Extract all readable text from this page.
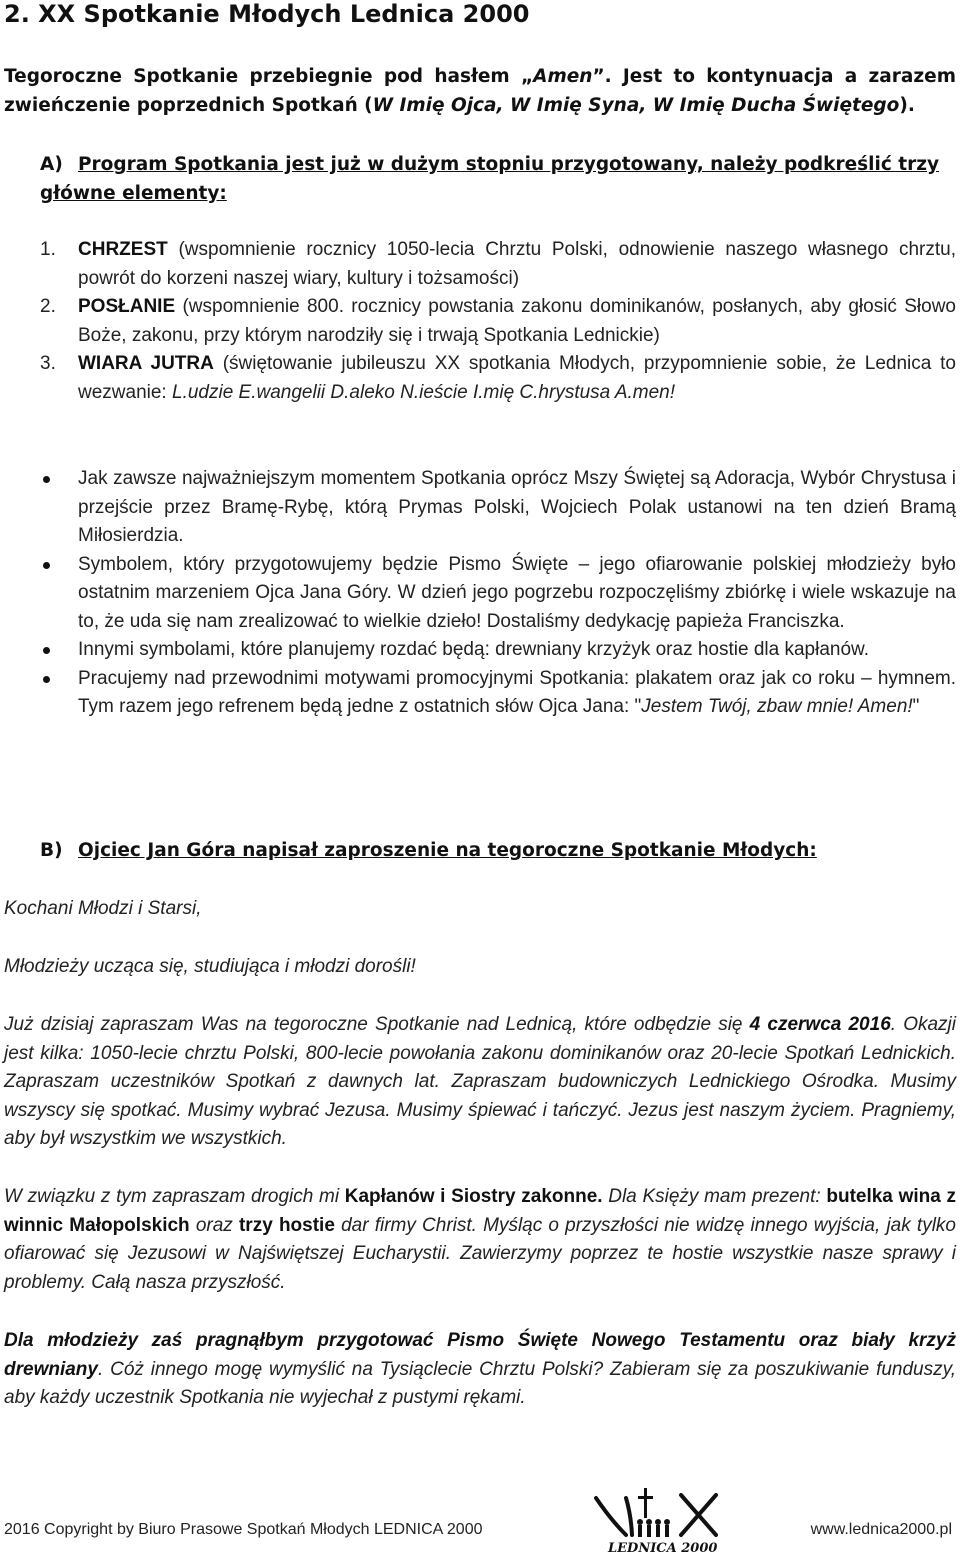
2. XX Spotkanie Młodych Lednica 2000
Tegoroczne Spotkanie przebiegnie pod hasłem „Amen”. Jest to kontynuacja a zarazem zwieńczenie poprzednich Spotkań (W Imię Ojca, W Imię Syna, W Imię Ducha Świętego).
A) Program Spotkania jest już w dużym stopniu przygotowany, należy podkreślić trzy główne elementy:
1. CHRZEST (wspomnienie rocznicy 1050-lecia Chrztu Polski, odnowienie naszego własnego chrztu, powrót do korzeni naszej wiary, kultury i tożsamości)
2. POSŁANIE (wspomnienie 800. rocznicy powstania zakonu dominikanów, posłanych, aby głosić Słowo Boże, zakonu, przy którym narodziły się i trwają Spotkania Lednickie)
3. WIARA JUTRA (świętowanie jubileuszu XX spotkania Młodych, przypomnienie sobie, że Lednica to wezwanie: L.udzie E.wangelii D.aleko N.ieście I.mię C.hrystusa A.men!
Jak zawsze najważniejszym momentem Spotkania oprócz Mszy Świętej są Adoracja, Wybór Chrystusa i przejście przez Bramę-Rybę, którą Prymas Polski, Wojciech Polak ustanowi na ten dzień Bramą Miłosierdzia.
Symbolem, który przygotowujemy będzie Pismo Święte – jego ofiarowanie polskiej młodzieży było ostatnim marzeniem Ojca Jana Góry. W dzień jego pogrzebu rozpoczęliśmy zbiórkę i wiele wskazuje na to, że uda się nam zrealizować to wielkie dzieło! Dostaliśmy dedykację papieża Franciszka.
Innymi symbolami, które planujemy rozdać będą: drewniany krzyżyk oraz hostie dla kapłanów.
Pracujemy nad przewodnimi motywami promocyjnymi Spotkania: plakatem oraz jak co roku – hymnem. Tym razem jego refrenem będą jedne z ostatnich słów Ojca Jana: "Jestem Twój, zbaw mnie! Amen!"
B) Ojciec Jan Góra napisał zaproszenie na tegoroczne Spotkanie Młodych:
Kochani Młodzi i Starsi,
Młodzieży ucząca się, studiująca i młodzi dorośli!
Już dzisiaj zapraszam Was na tegoroczne Spotkanie nad Lednicą, które odbędzie się 4 czerwca 2016. Okazji jest kilka: 1050-lecie chrztu Polski, 800-lecie powołania zakonu dominikanów oraz 20-lecie Spotkań Lednickich. Zapraszam uczestników Spotkań z dawnych lat. Zapraszam budowniczych Lednickiego Ośrodka. Musimy wszyscy się spotkać. Musimy wybrać Jezusa. Musimy śpiewać i tańczyć. Jezus jest naszym życiem. Pragniemy, aby był wszystkim we wszystkich.
W związku z tym zapraszam drogich mi Kapłanów i Siostry zakonne. Dla Księży mam prezent: butelka wina z winnic Małopolskich oraz trzy hostie dar firmy Christ. Myśląc o przyszłości nie widzę innego wyjścia, jak tylko ofiarować się Jezusowi w Najświętszej Eucharystii. Zawierzymy poprzez te hostie wszystkie nasze sprawy i problemy. Całą nasza przyszłość.
Dla młodzieży zaś pragnąłbym przygotować Pismo Święte Nowego Testamentu oraz biały krzyż drewniany. Cóż innego mogę wymyślić na Tysiąclecie Chrztu Polski? Zabieram się za poszukiwanie funduszy, aby każdy uczestnik Spotkania nie wyjechał z pustymi rękami.
LEDNICA 2000
2016 Copyright by Biuro Prasowe Spotkań Młodych LEDNICA 2000	www.lednica2000.pl
